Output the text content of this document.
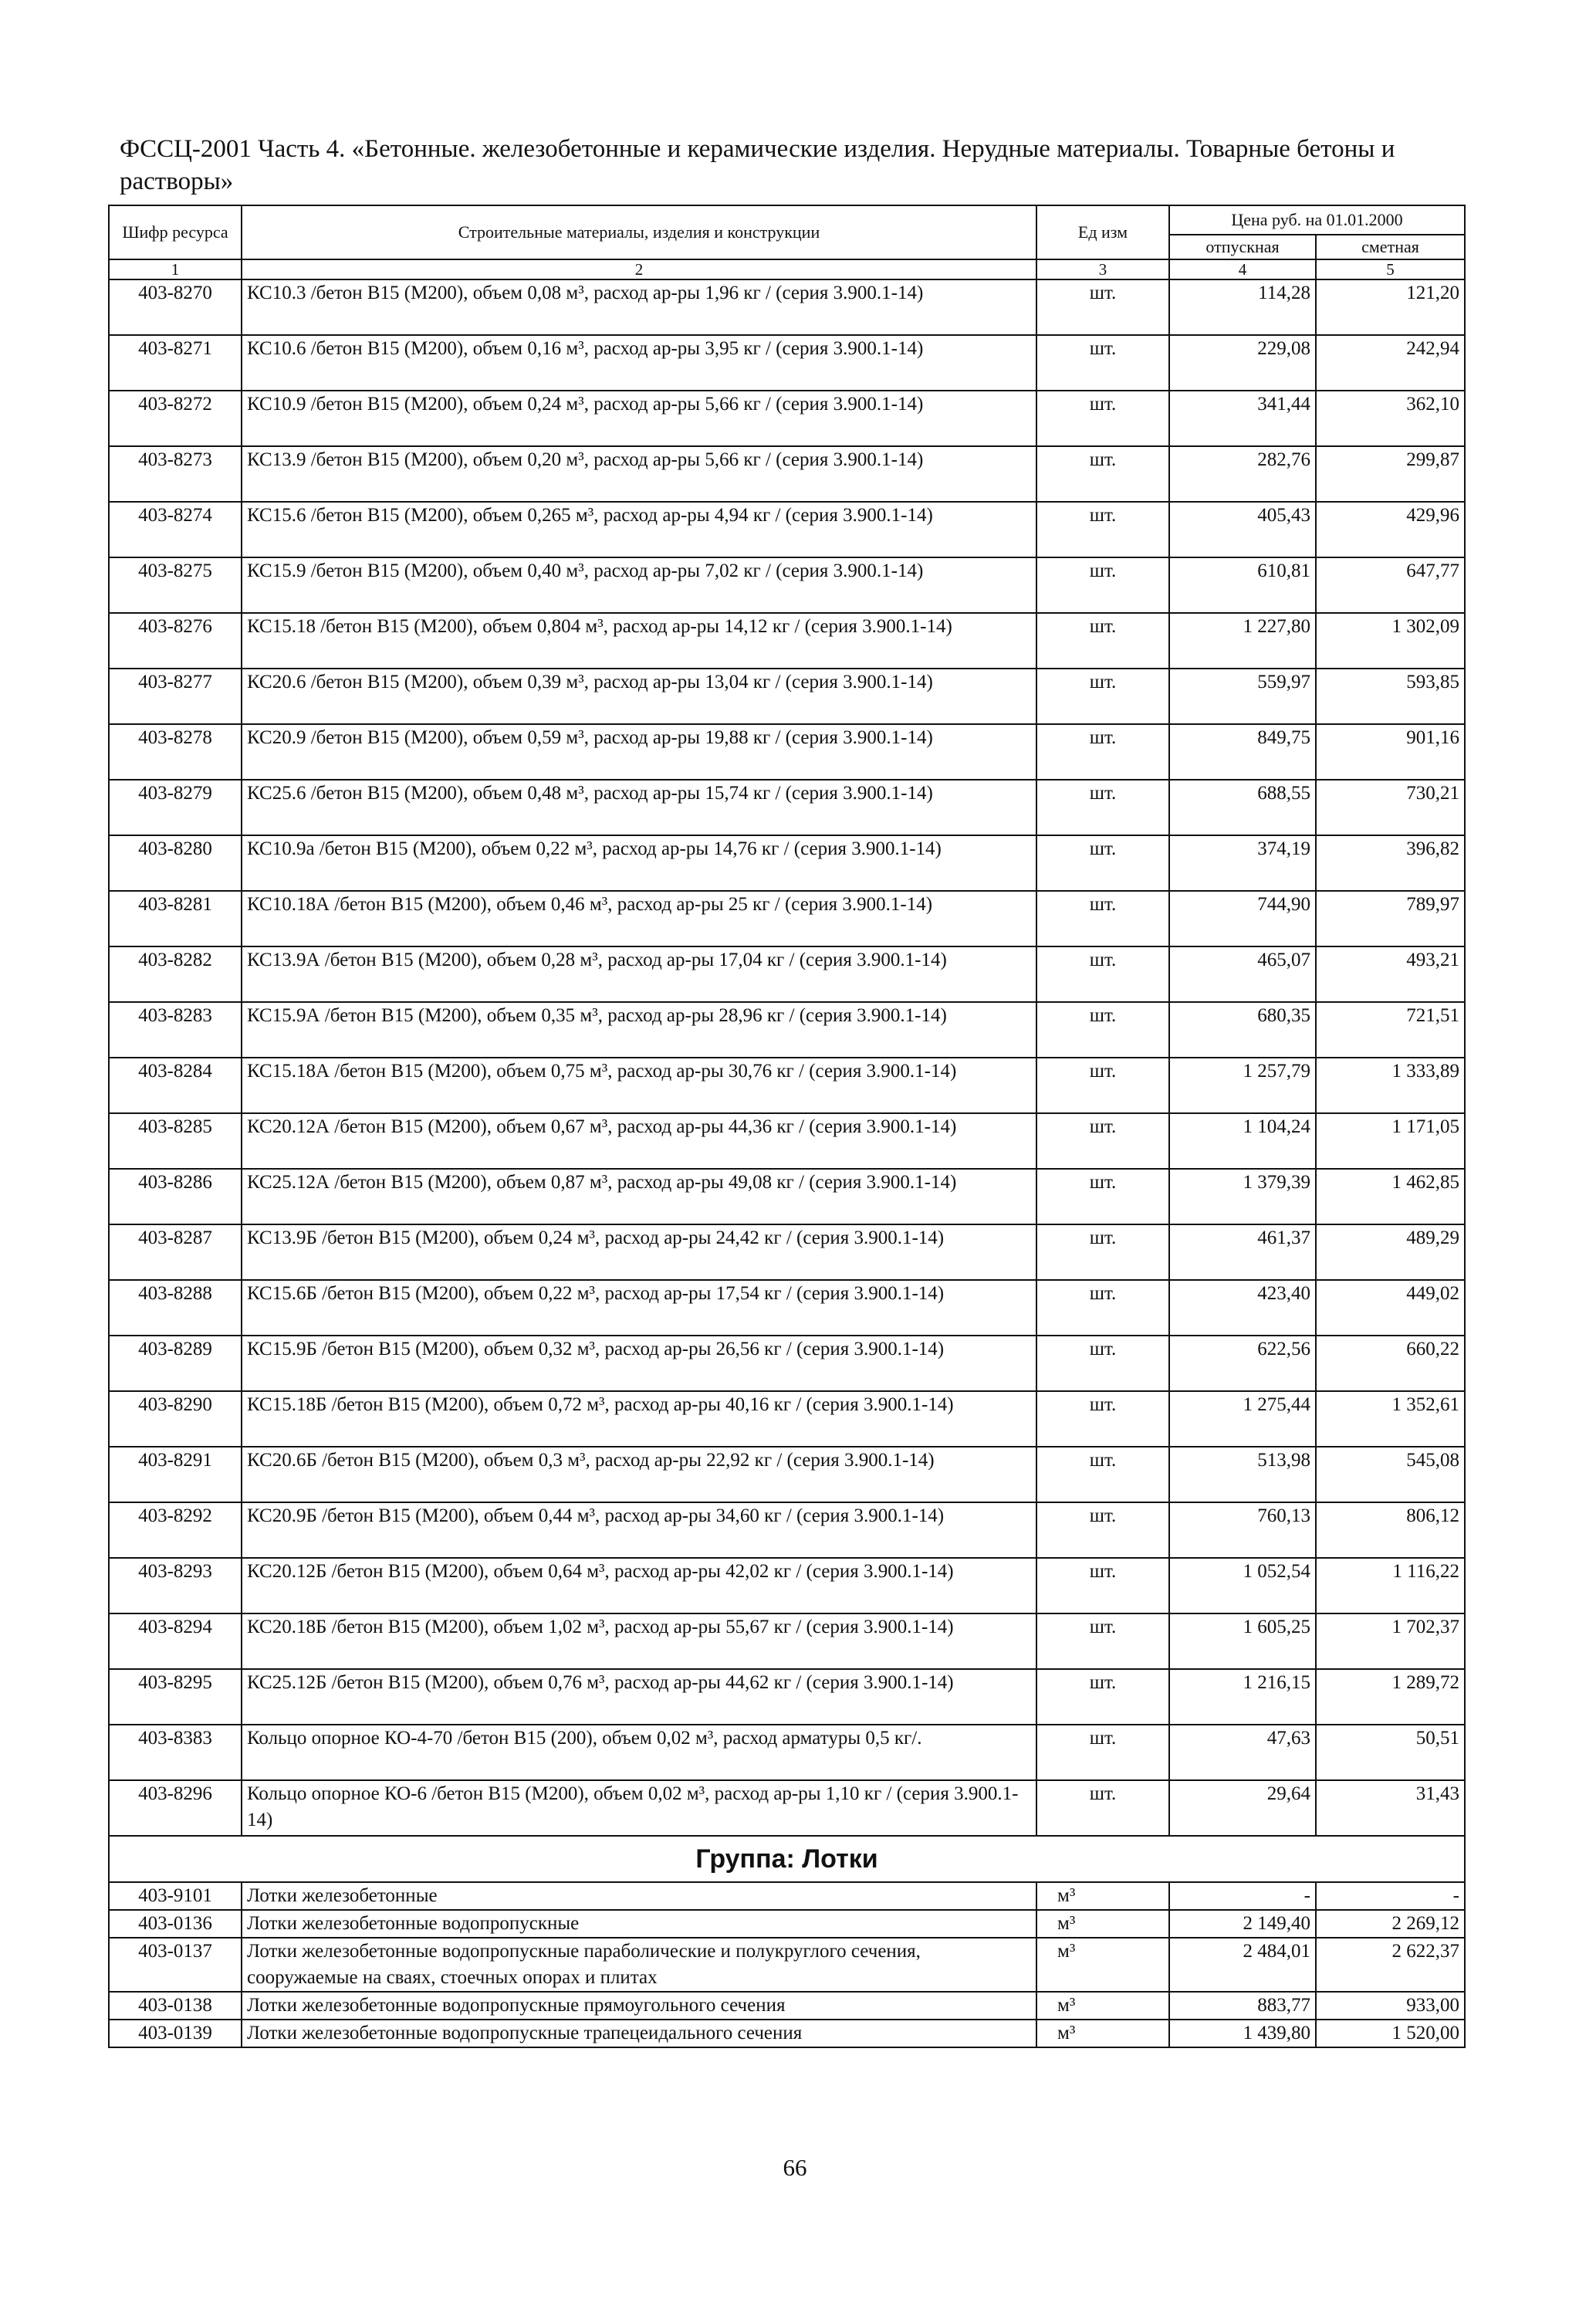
ФССЦ-2001 Часть 4. «Бетонные. железобетонные и керамические изделия. Нерудные материалы. Товарные бетоны и растворы»
Шифр ресурса	Строительные материалы, изделия и конструкции	Ед изм	Цена руб. на 01.01.2000	
			отпускная	сметная
1	2	3	4	5
403-8270	КС10.3 /бетон В15 (М200), объем 0,08 м³, расход ар-ры 1,96 кг / (серия 3.900.1-14)	шт.	114,28	121,20
403-8271	КС10.6 /бетон В15 (М200), объем 0,16 м³, расход ар-ры 3,95 кг / (серия 3.900.1-14)	шт.	229,08	242,94
403-8272	КС10.9 /бетон В15 (М200), объем 0,24 м³, расход ар-ры 5,66 кг / (серия 3.900.1-14)	шт.	341,44	362,10
403-8273	КС13.9 /бетон В15 (М200), объем 0,20 м³, расход ар-ры 5,66 кг / (серия 3.900.1-14)	шт.	282,76	299,87
403-8274	КС15.6 /бетон В15 (М200), объем 0,265 м³, расход ар-ры 4,94 кг / (серия 3.900.1-14)	шт.	405,43	429,96
403-8275	КС15.9 /бетон В15 (М200), объем 0,40 м³, расход ар-ры 7,02 кг / (серия 3.900.1-14)	шт.	610,81	647,77
403-8276	КС15.18 /бетон В15 (М200), объем 0,804 м³, расход ар-ры 14,12 кг / (серия 3.900.1-14)	шт.	1 227,80	1 302,09
403-8277	КС20.6 /бетон В15 (М200), объем 0,39 м³, расход ар-ры 13,04 кг / (серия 3.900.1-14)	шт.	559,97	593,85
403-8278	КС20.9 /бетон В15 (М200), объем 0,59 м³, расход ар-ры 19,88 кг / (серия 3.900.1-14)	шт.	849,75	901,16
403-8279	КС25.6 /бетон В15 (М200), объем 0,48 м³, расход ар-ры 15,74 кг / (серия 3.900.1-14)	шт.	688,55	730,21
403-8280	КС10.9а /бетон В15 (М200), объем 0,22 м³, расход ар-ры 14,76 кг / (серия 3.900.1-14)	шт.	374,19	396,82
403-8281	КС10.18А /бетон В15 (М200), объем 0,46 м³, расход ар-ры 25 кг / (серия 3.900.1-14)	шт.	744,90	789,97
403-8282	КС13.9А /бетон В15 (М200), объем 0,28 м³, расход ар-ры 17,04 кг / (серия 3.900.1-14)	шт.	465,07	493,21
403-8283	КС15.9А /бетон В15 (М200), объем 0,35 м³, расход ар-ры 28,96 кг / (серия 3.900.1-14)	шт.	680,35	721,51
403-8284	КС15.18А /бетон В15 (М200), объем 0,75 м³, расход ар-ры 30,76 кг / (серия 3.900.1-14)	шт.	1 257,79	1 333,89
403-8285	КС20.12А /бетон В15 (М200), объем 0,67 м³, расход ар-ры 44,36 кг / (серия 3.900.1-14)	шт.	1 104,24	1 171,05
403-8286	КС25.12А /бетон В15 (М200), объем 0,87 м³, расход ар-ры 49,08 кг / (серия 3.900.1-14)	шт.	1 379,39	1 462,85
403-8287	КС13.9Б /бетон В15 (М200), объем 0,24 м³, расход ар-ры 24,42 кг / (серия 3.900.1-14)	шт.	461,37	489,29
403-8288	КС15.6Б /бетон В15 (М200), объем 0,22 м³, расход ар-ры 17,54 кг / (серия 3.900.1-14)	шт.	423,40	449,02
403-8289	КС15.9Б /бетон В15 (М200), объем 0,32 м³, расход ар-ры 26,56 кг / (серия 3.900.1-14)	шт.	622,56	660,22
403-8290	КС15.18Б /бетон В15 (М200), объем 0,72 м³, расход ар-ры 40,16 кг / (серия 3.900.1-14)	шт.	1 275,44	1 352,61
403-8291	КС20.6Б /бетон В15 (М200), объем 0,3 м³, расход ар-ры 22,92 кг / (серия 3.900.1-14)	шт.	513,98	545,08
403-8292	КС20.9Б /бетон В15 (М200), объем 0,44 м³, расход ар-ры 34,60 кг / (серия 3.900.1-14)	шт.	760,13	806,12
403-8293	КС20.12Б /бетон В15 (М200), объем 0,64 м³, расход ар-ры 42,02 кг / (серия 3.900.1-14)	шт.	1 052,54	1 116,22
403-8294	КС20.18Б /бетон В15 (М200), объем 1,02 м³, расход ар-ры 55,67 кг / (серия 3.900.1-14)	шт.	1 605,25	1 702,37
403-8295	КС25.12Б /бетон В15 (М200), объем 0,76 м³, расход ар-ры 44,62 кг / (серия 3.900.1-14)	шт.	1 216,15	1 289,72
403-8383	Кольцо опорное КО-4-70 /бетон В15 (200), объем 0,02 м³, расход арматуры 0,5 кг/.	шт.	47,63	50,51
403-8296	Кольцо опорное КО-6 /бетон В15 (М200), объем 0,02 м³, расход ар-ры 1,10 кг / (серия 3.900.1-14)	шт.	29,64	31,43
Группа: Лотки				
403-9101	Лотки железобетонные	м³	-	-
403-0136	Лотки железобетонные водопропускные	м³	2 149,40	2 269,12
403-0137	Лотки железобетонные водопропускные параболические и полукруглого сечения, сооружаемые на сваях, стоечных опорах и плитах	м³	2 484,01	2 622,37
403-0138	Лотки железобетонные водопропускные прямоугольного сечения	м³	883,77	933,00
403-0139	Лотки железобетонные водопропускные трапецеидального сечения	м³	1 439,80	1 520,00
66
